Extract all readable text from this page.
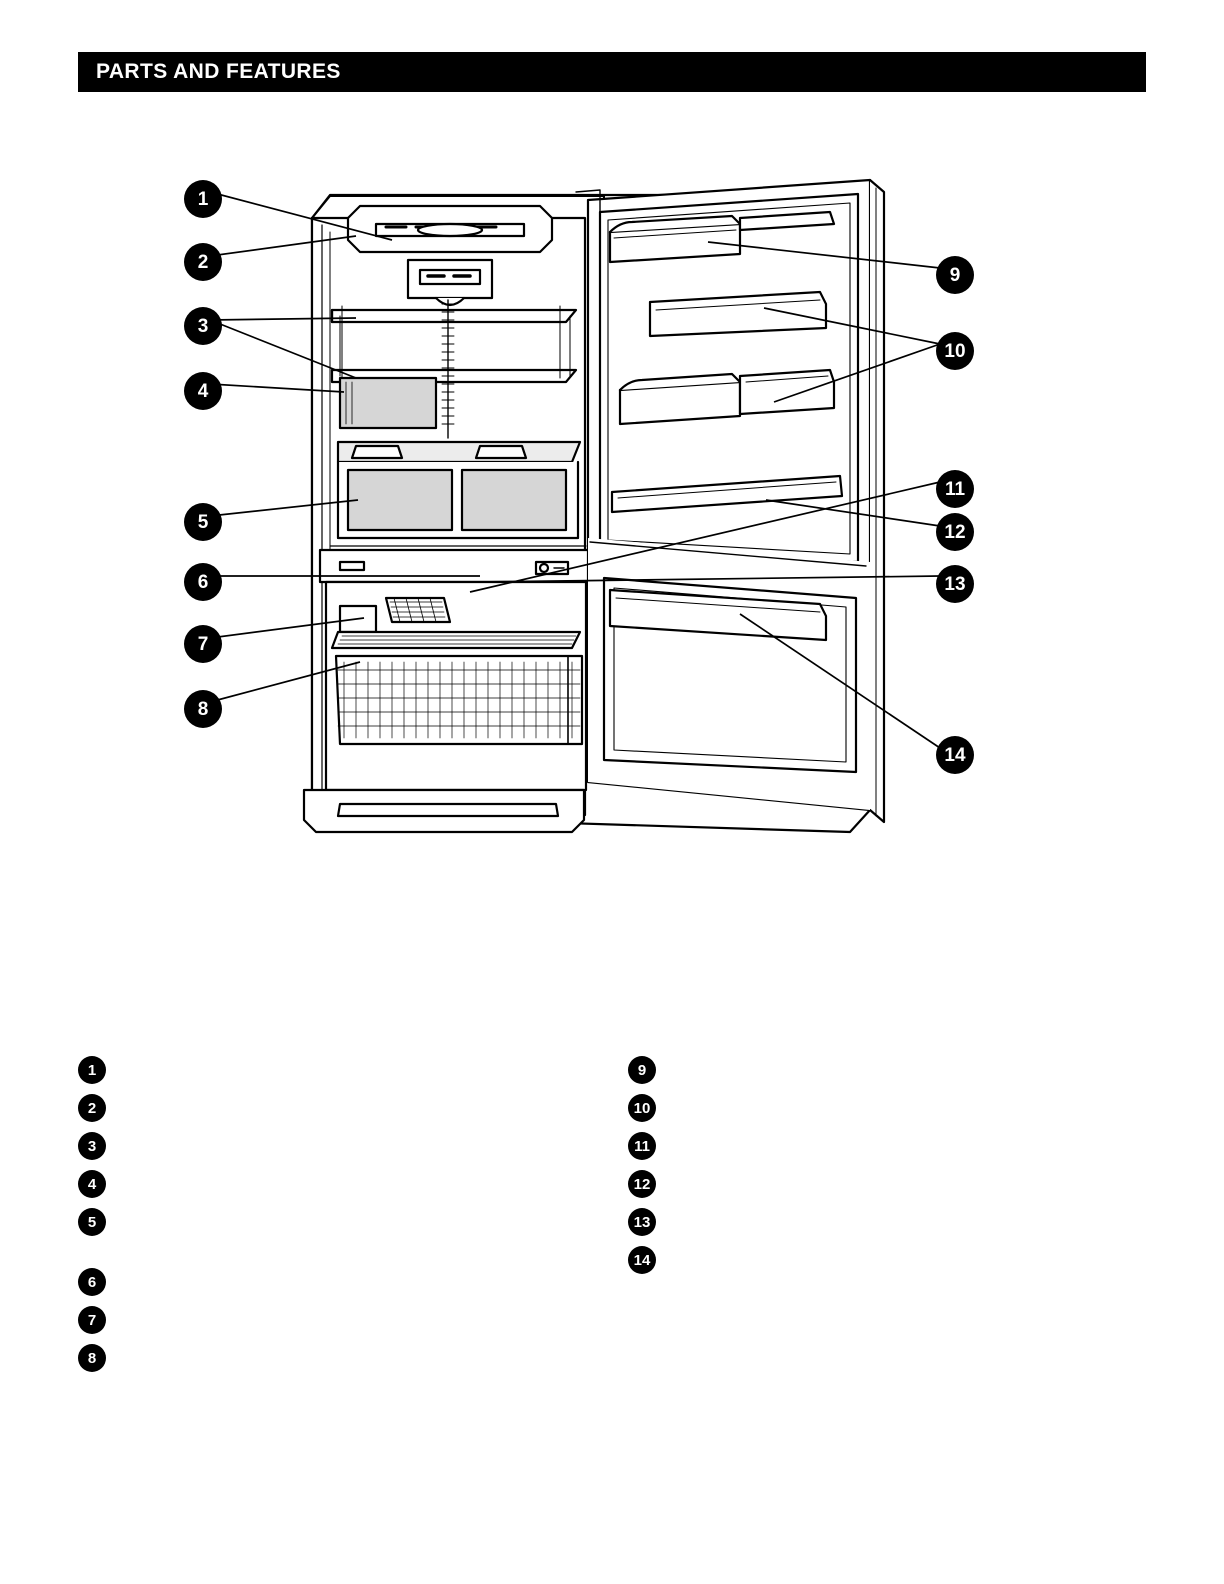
PARTS AND FEATURES
1
2
3
4
5
6
7
8
9
10
11
12
13
14
1
2
3
4
5
6
7
8
9
10
11
12
13
14
